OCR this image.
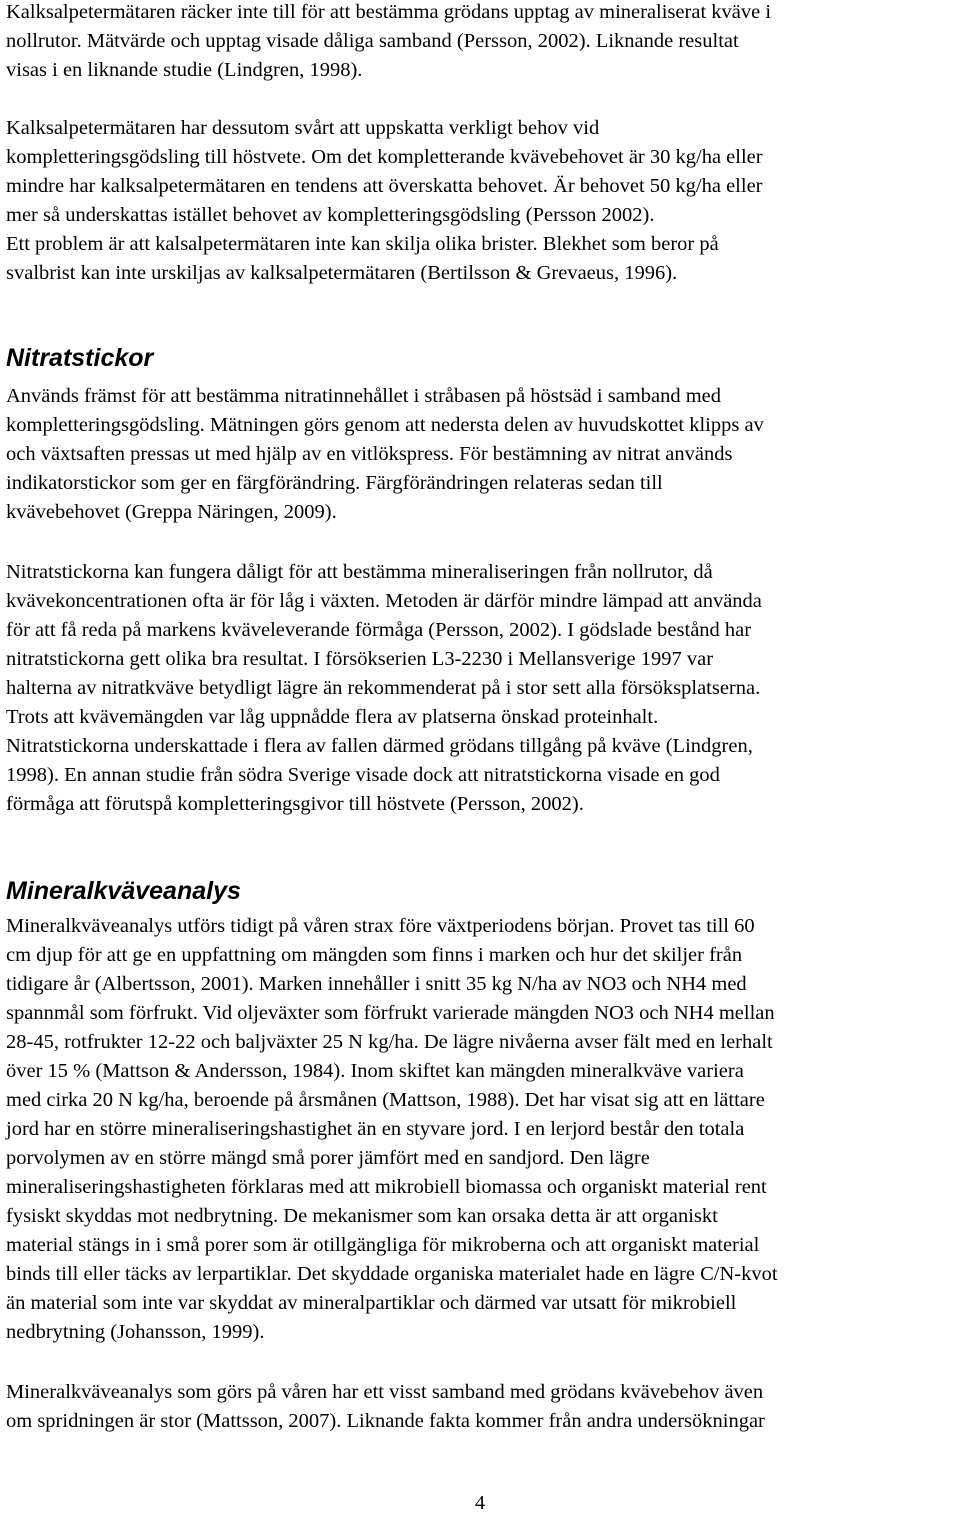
Kalksalpetermätaren räcker inte till för att bestämma grödans upptag av mineraliserat kväve i
nollrutor. Mätvärde och upptag visade dåliga samband (Persson, 2002). Liknande resultat
visas i en liknande studie (Lindgren, 1998).
Kalksalpetermätaren har dessutom svårt att uppskatta verkligt behov vid
kompletteringsgödsling till höstvete. Om det kompletterande kvävebehovet är 30 kg/ha eller
mindre har kalksalpetermätaren en tendens att överskatta behovet. Är behovet 50 kg/ha eller
mer så underskattas istället behovet av kompletteringsgödsling (Persson 2002).
Ett problem är att kalsalpetermätaren inte kan skilja olika brister. Blekhet som beror på
svalbrist kan inte urskiljas av kalksalpetermätaren (Bertilsson & Grevaeus, 1996).
Nitratstickor
Används främst för att bestämma nitratinnehållet i stråbasen på höstsäd i samband med
kompletteringsgödsling. Mätningen görs genom att nedersta delen av huvudskottet klipps av
och växtsaften pressas ut med hjälp av en vitlökspress. För bestämning av nitrat används
indikatorstickor som ger en färgförändring. Färgförändringen relateras sedan till
kvävebehovet (Greppa Näringen, 2009).
Nitratstickorna kan fungera dåligt för att bestämma mineraliseringen från nollrutor, då
kvävekoncentrationen ofta är för låg i växten. Metoden är därför mindre lämpad att använda
för att få reda på markens kväveleverande förmåga (Persson, 2002). I gödslade bestånd har
nitratstickorna gett olika bra resultat. I försökserien L3-2230 i Mellansverige 1997 var
halterna av nitratkväve betydligt lägre än rekommenderat på i stor sett alla försöksplatserna.
Trots att kvävemängden var låg uppnådde flera av platserna önskad proteinhalt.
Nitratstickorna underskattade i flera av fallen därmed grödans tillgång på kväve (Lindgren,
1998). En annan studie från södra Sverige visade dock att nitratstickorna visade en god
förmåga att förutspå kompletteringsgivor till höstvete (Persson, 2002).
Mineralkväveanalys
Mineralkväveanalys utförs tidigt på våren strax före växtperiodens början. Provet tas till 60
cm djup för att ge en uppfattning om mängden som finns i marken och hur det skiljer från
tidigare år (Albertsson, 2001). Marken innehåller i snitt 35 kg N/ha av NO3 och NH4 med
spannmål som förfrukt. Vid oljeväxter som förfrukt varierade mängden NO3 och NH4 mellan
28-45, rotfrukter 12-22 och baljväxter 25 N kg/ha. De lägre nivåerna avser fält med en lerhalt
över 15 % (Mattson & Andersson, 1984). Inom skiftet kan mängden mineralkväve variera
med cirka 20 N kg/ha, beroende på årsmånen (Mattson, 1988). Det har visat sig att en lättare
jord har en större mineraliseringshastighet än en styvare jord. I en lerjord består den totala
porvolymen av en större mängd små porer jämfört med en sandjord. Den lägre
mineraliseringshastigheten förklaras med att mikrobiell biomassa och organiskt material rent
fysiskt skyddas mot nedbrytning. De mekanismer som kan orsaka detta är att organiskt
material stängs in i små porer som är otillgängliga för mikroberna och att organiskt material
binds till eller täcks av lerpartiklar. Det skyddade organiska materialet hade en lägre C/N-kvot
än material som inte var skyddat av mineralpartiklar och därmed var utsatt för mikrobiell
nedbrytning (Johansson, 1999).
Mineralkväveanalys som görs på våren har ett visst samband med grödans kvävebehov även
om spridningen är stor (Mattsson, 2007). Liknande fakta kommer från andra undersökningar
4
